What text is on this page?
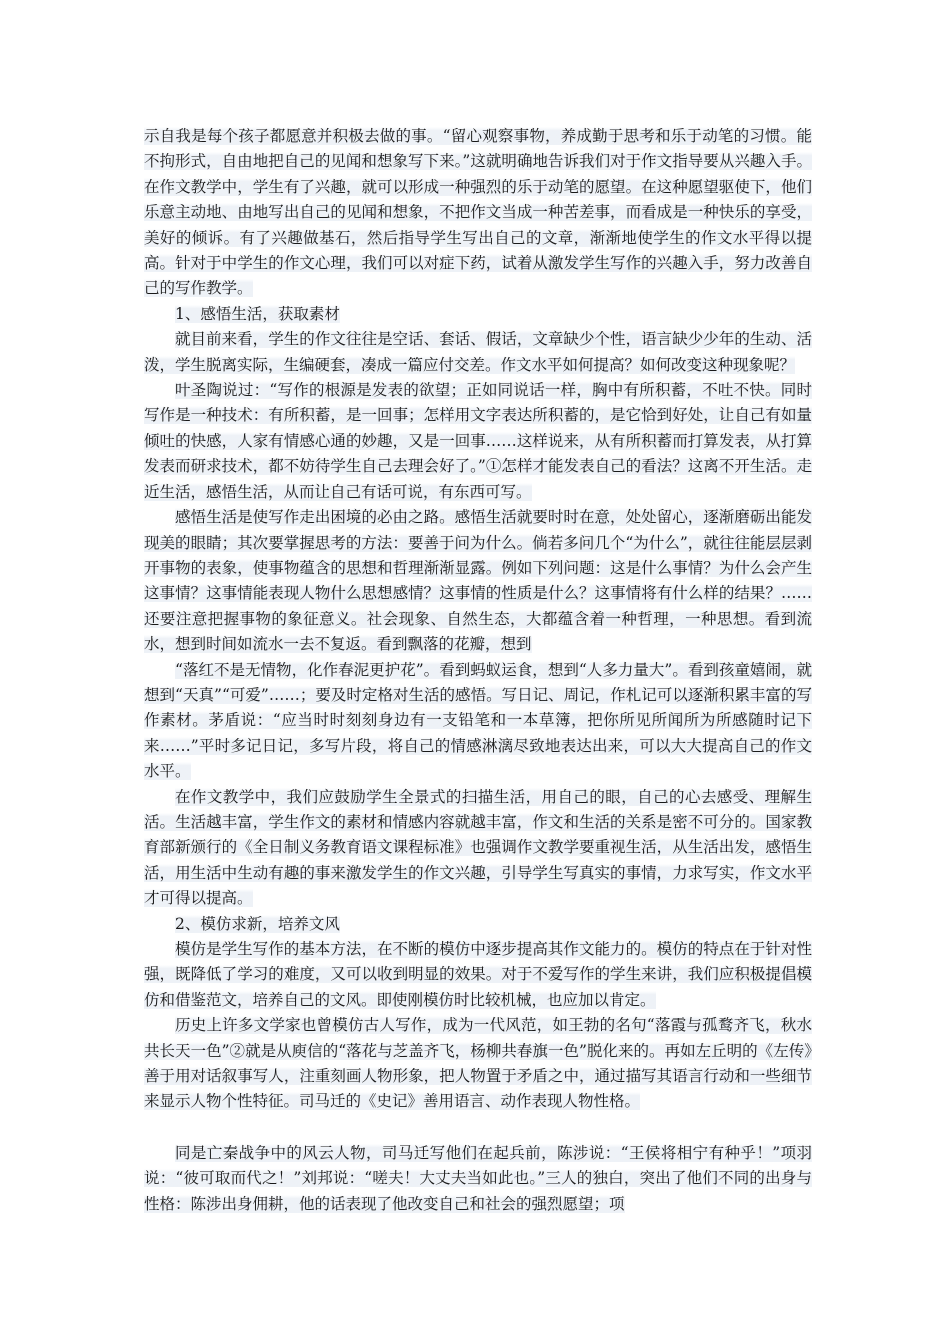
示自我是每个孩子都愿意并积极去做的事。“留心观察事物，养成勤于思考和乐于动笔的习惯。能不拘形式，自由地把自己的见闻和想象写下来。”这就明确地告诉我们对于作文指导要从兴趣入手。在作文教学中，学生有了兴趣，就可以形成一种强烈的乐于动笔的愿望。在这种愿望驱使下，他们乐意主动地、由地写出自己的见闻和想象，不把作文当成一种苦差事，而看成是一种快乐的享受，美好的倾诉。有了兴趣做基石，然后指导学生写出自己的文章，渐渐地使学生的作文水平得以提高。针对于中学生的作文心理，我们可以对症下药，试着从激发学生写作的兴趣入手，努力改善自己的写作教学。

1、感悟生活，获取素材

就目前来看，学生的作文往往是空话、套话、假话，文章缺少个性，语言缺少少年的生动、活泼，学生脱离实际，生编硬套，凑成一篇应付交差。作文水平如何提高？如何改变这种现象呢？

叶圣陶说过：“写作的根源是发表的欲望；正如同说话一样，胸中有所积蓄，不吐不快。同时写作是一种技术：有所积蓄，是一回事；怎样用文字表达所积蓄的，是它恰到好处，让自己有如量倾吐的快感，人家有情感心通的妙趣，又是一回事……这样说来，从有所积蓄而打算发表，从打算发表而研求技术，都不妨待学生自己去理会好了。”①怎样才能发表自己的看法？这离不开生活。走近生活，感悟生活，从而让自己有话可说，有东西可写。

感悟生活是使写作走出困境的必由之路。感悟生活就要时时在意，处处留心，逐渐磨砺出能发现美的眼睛；其次要掌握思考的方法：要善于问为什么。倘若多问几个“为什么”，就往往能层层剥开事物的表象，使事物蕴含的思想和哲理渐渐显露。例如下列问题：这是什么事情？为什么会产生这事情？这事情能表现人物什么思想感情？这事情的性质是什么？这事情将有什么样的结果？……还要注意把握事物的象征意义。社会现象、自然生态，大都蕴含着一种哲理，一种思想。看到流水，想到时间如流水一去不复返。看到飘落的花瓣，想到

“落红不是无情物，化作春泥更护花”。看到蚂蚁运食，想到“人多力量大”。看到孩童嬉闹，就想到“天真”“可爱”……；要及时定格对生活的感悟。写日记、周记，作札记可以逐渐积累丰富的写作素材。茅盾说：“应当时时刻刻身边有一支铅笔和一本草簿，把你所见所闻所为所感随时记下来……”平时多记日记，多写片段，将自己的情感淋漓尽致地表达出来，可以大大提高自己的作文水平。

在作文教学中，我们应鼓励学生全景式的扫描生活，用自己的眼，自己的心去感受、理解生活。生活越丰富，学生作文的素材和情感内容就越丰富，作文和生活的关系是密不可分的。国家教育部新颁行的《全日制义务教育语文课程标准》也强调作文教学要重视生活，从生活出发，感悟生活，用生活中生动有趣的事来激发学生的作文兴趣，引导学生写真实的事情，力求写实，作文水平才可得以提高。

2、模仿求新，培养文风

模仿是学生写作的基本方法，在不断的模仿中逐步提高其作文能力的。模仿的特点在于针对性强，既降低了学习的难度，又可以收到明显的效果。对于不爱写作的学生来讲，我们应积极提倡模仿和借鉴范文，培养自己的文风。即使刚模仿时比较机械，也应加以肯定。

历史上许多文学家也曾模仿古人写作，成为一代风范，如王勃的名句“落霞与孤鹜齐飞，秋水共长天一色”②就是从庾信的“落花与芝盖齐飞，杨柳共春旗一色”脱化来的。再如左丘明的《左传》善于用对话叙事写人，注重刻画人物形象，把人物置于矛盾之中，通过描写其语言行动和一些细节来显示人物个性特征。司马迁的《史记》善用语言、动作表现人物性格。

同是亡秦战争中的风云人物，司马迁写他们在起兵前，陈涉说：“王侯将相宁有种乎！”项羽说：“彼可取而代之！”刘邦说：“嗟夫！大丈夫当如此也。”三人的独白，突出了他们不同的出身与性格：陈涉出身佣耕，他的话表现了他改变自己和社会的强烈愿望；项
